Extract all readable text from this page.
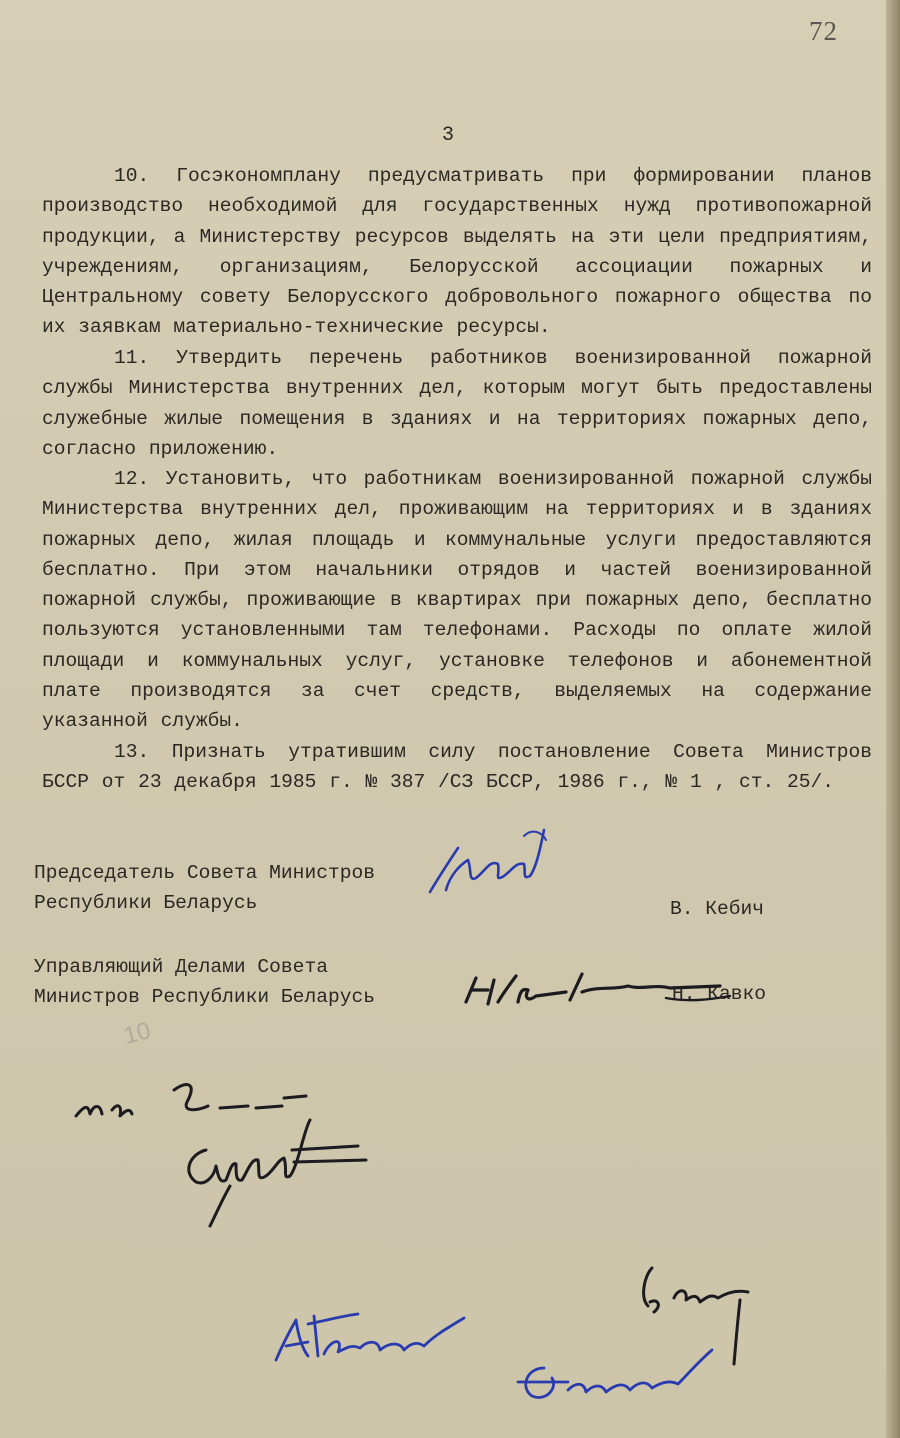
72
3

10. Госэкономплану предусматривать при формировании планов производство необходимой для государственных нужд противопожарной продукции, а Министерству ресурсов выделять на эти цели предприятиям, учреждениям, организациям, Белорусской ассоциации пожарных и Центральному совету Белорусского добровольного пожарного общества по их заявкам материально-технические ресурсы.

11. Утвердить перечень работников военизированной пожарной службы Министерства внутренних дел, которым могут быть предоставлены служебные жилые помещения в зданиях и на территориях пожарных депо, согласно приложению.

12. Установить, что работникам военизированной пожарной службы Министерства внутренних дел, проживающим на территориях и в зданиях пожарных депо, жилая площадь и коммунальные услуги предоставляются бесплатно. При этом начальники отрядов и частей военизированной пожарной службы, проживающие в квартирах при пожарных депо, бесплатно пользуются установленными там телефонами. Расходы по оплате жилой площади и коммунальных услуг, установке телефонов и абонементной плате производятся за счет средств, выделяемых на содержание указанной службы.

13. Признать утратившим силу постановление Совета Министров БССР от 23 декабря 1985 г. № 387 /СЗ БССР, 1986 г., № 1 , ст. 25/.

Председатель Совета Министров
Республики Беларусь	В. Кебич
Управляющий Делами Совета
Министров Республики Беларусь	Н. Кавко
10
